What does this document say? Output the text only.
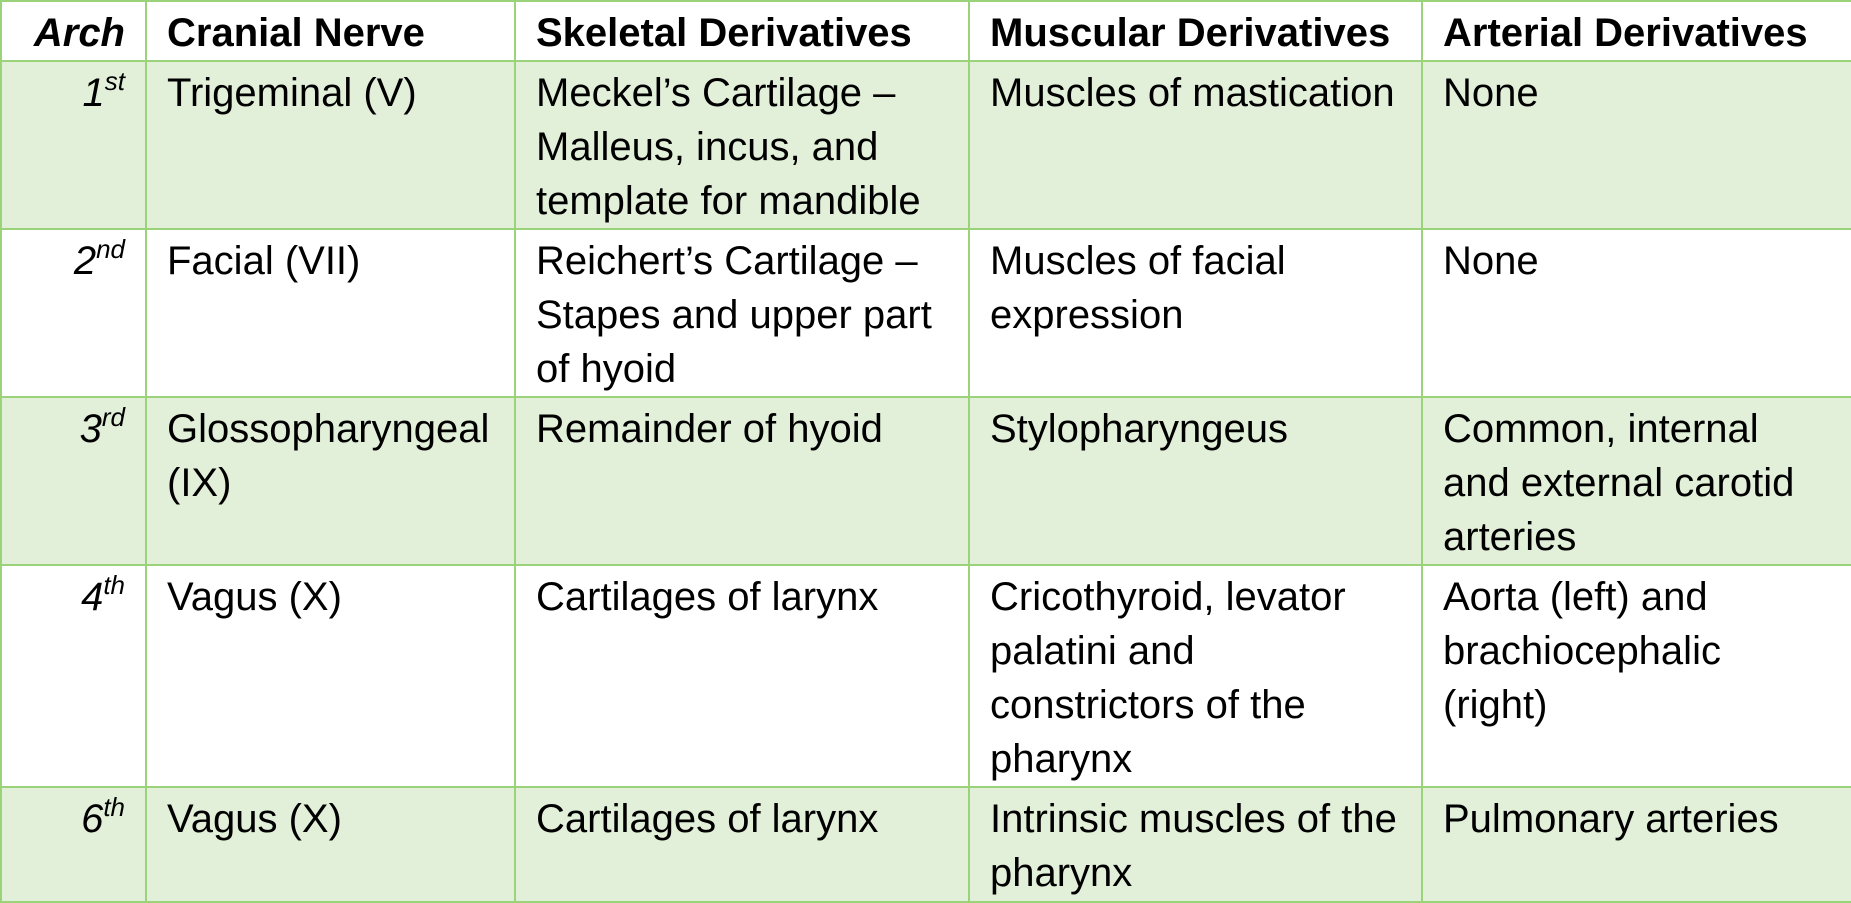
Arch	Cranial Nerve	Skeletal Derivatives	Muscular Derivatives	Arterial Derivatives
1st	Trigeminal (V)	Meckel’s Cartilage – Malleus, incus, and template for mandible	Muscles of mastication	None
2nd	Facial (VII)	Reichert’s Cartilage – Stapes and upper part of hyoid	Muscles of facial expression	None
3rd	Glossopharyngeal (IX)	Remainder of hyoid	Stylopharyngeus	Common, internal and external carotid arteries
4th	Vagus (X)	Cartilages of larynx	Cricothyroid, levator palatini and constrictors of the pharynx	Aorta (left) and brachiocephalic (right)
6th	Vagus (X)	Cartilages of larynx	Intrinsic muscles of the pharynx	Pulmonary arteries
